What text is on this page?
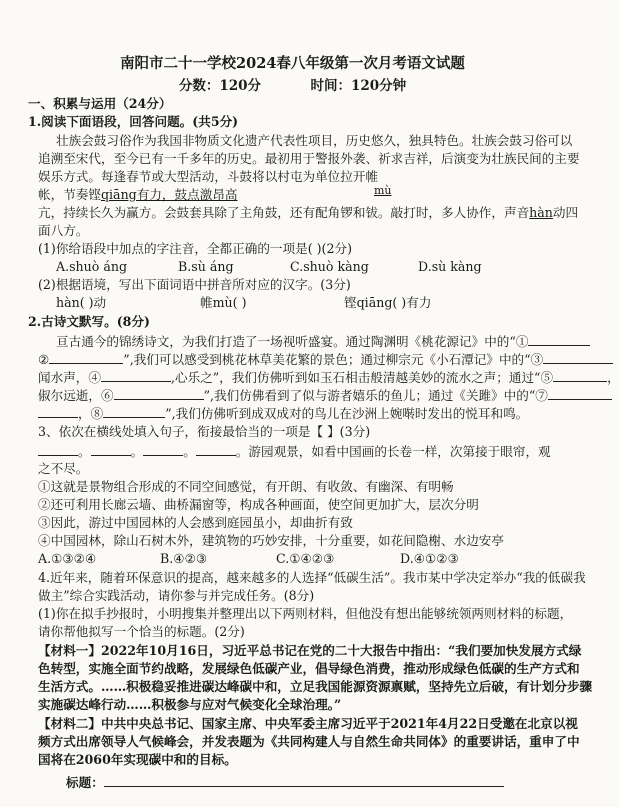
南阳市二十一学校2024春八年级第一次月考语文试题
分数：120分	时间：120分钟
一、积累与运用（24分）
1.阅读下面语段，回答问题。(共5分)
壮族会鼓习俗作为我国非物质文化遗产代表性项目，历史悠久，独具特色。壮族会鼓习俗可以
追溯至宋代，至今已有一千多年的历史。最初用于警报外袭、祈求吉祥，后演变为壮族民间的主要
娱乐方式。每逢春节或大型活动，斗鼓将以村屯为单位拉开帷
mù
帐，节奏铿qiāng有力，鼓点激昂高
亢，持续长久为赢方。会鼓套具除了主角鼓，还有配角锣和钹。敲打时，多人协作，声音hàn动四
面八方。
(1)你给语段中加点的字注音，全都正确的一项是( )(2分)
A.shuò áng	B.sù áng	C.shuò kàng	D.sù kàng
(2)根据语境，写出下面词语中拼音所对应的汉字。(3分)
hàn( )动	帷mù( )	铿qiāng( )有力
2.古诗文默写。(8分)
亘古通今的锦绣诗文，为我们打造了一场视听盛宴。通过陶渊明《桃花源记》中的“①
②	”,我们可以感受到桃花林草美花繁的景色；通过柳宗元《小石潭记》中的“③
闻水声，④	,心乐之”，我们仿佛听到如玉石相击般清越美妙的流水之声；通过“⑤	，
俶尔远逝，⑥	”,我们仿佛看到了似与游者嬉乐的鱼儿；通过《关雎》中的“⑦
，⑧	”,我们仿佛听到成双成对的鸟儿在沙洲上婉啭时发出的悦耳和鸣。
3、依次在横线处填入句子，衔接最恰当的一项是【 】(3分)
。	。	。	。游园观景，如看中国画的长卷一样，次第接于眼帘，观
之不尽。
①这就是景物组合形成的不同空间感觉，有开朗、有收敛、有幽深、有明畅
②还可利用长廊云墙、曲桥漏窗等，构成各种画面，使空间更加扩大，层次分明
③因此，游过中国园林的人会感到庭园虽小，却曲折有致
④中国园林，除山石树木外，建筑物的巧妙安排，十分重要，如花间隐榭、水边安亭
A.①③②④	B.④②③	C.①④②③	D.④①②③
4.近年来，随着环保意识的提高，越来越多的人选择“低碳生活”。我市某中学决定举办“我的低碳我
做主”综合实践活动，请你参与并完成任务。(8分)
(1)你在拟手抄报时，小明搜集并整理出以下两则材料，但他没有想出能够统领两则材料的标题，
请你帮他拟写一个恰当的标题。(2分)
【材料一】2022年10月16日，习近平总书记在党的二十大报告中指出：“我们要加快发展方式绿
色转型，实施全面节约战略，发展绿色低碳产业，倡导绿色消费，推动形成绿色低碳的生产方式和
生活方式。……积极稳妥推进碳达峰碳中和，立足我国能源资源禀赋，坚持先立后破，有计划分步骤
实施碳达峰行动……积极参与应对气候变化全球治理。”
【材料二】中共中央总书记、国家主席、中央军委主席习近平于2021年4月22日受邀在北京以视
频方式出席领导人气候峰会，并发表题为《共同构建人与自然生命共同体》的重要讲话，重申了中
国将在2060年实现碳中和的目标。
标题：
